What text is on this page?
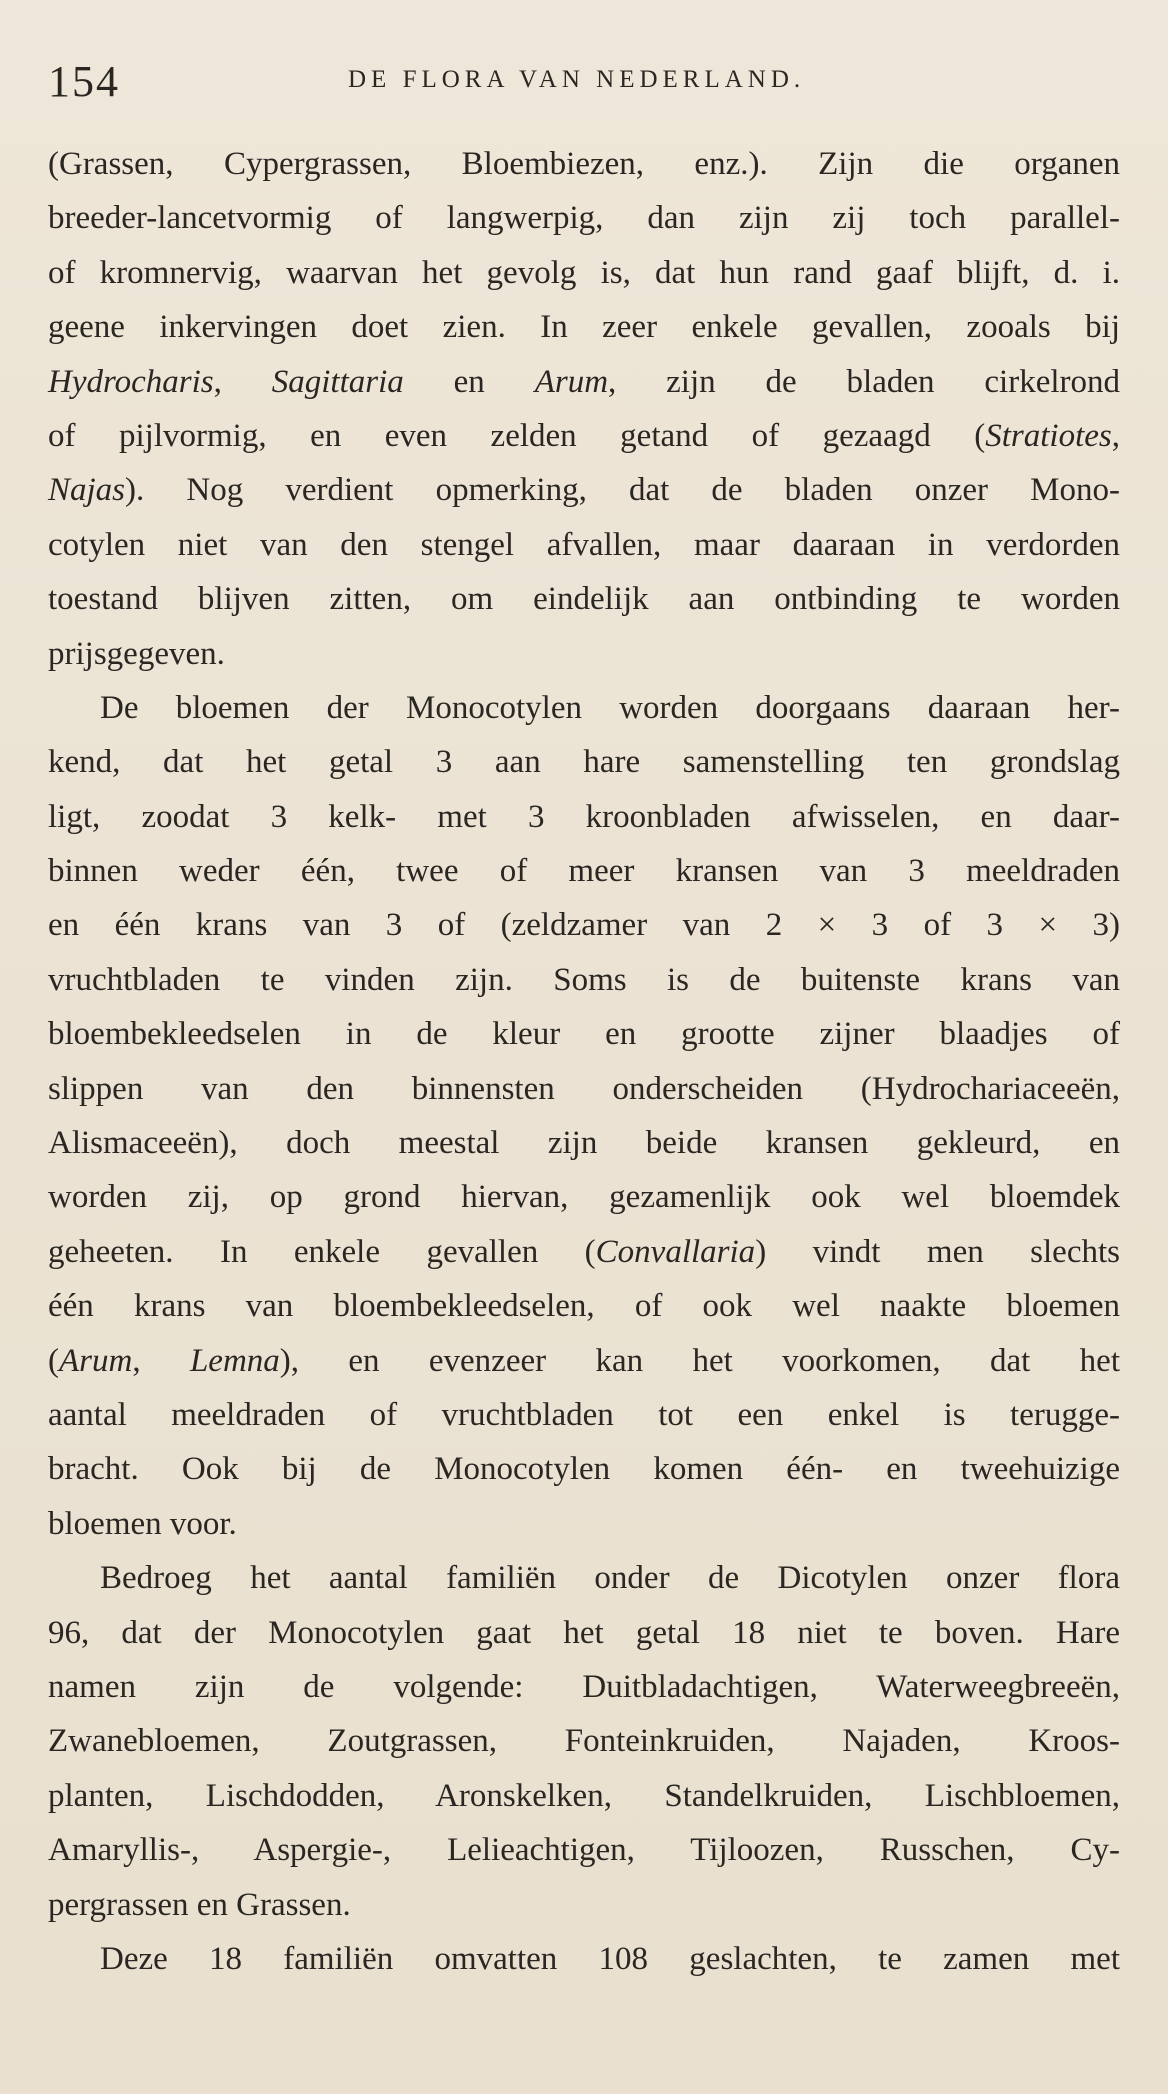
154	DE FLORA VAN NEDERLAND.
(Grassen, Cypergrassen, Bloembiezen, enz.). Zijn die organen
breeder-lancetvormig of langwerpig, dan zijn zij toch parallel-
of kromnervig, waarvan het gevolg is, dat hun rand gaaf blijft, d. i.
geene inkervingen doet zien. In zeer enkele gevallen, zooals bij
Hydrocharis, Sagittaria en Arum, zijn de bladen cirkelrond
of pijlvormig, en even zelden getand of gezaagd (Stratiotes,
Najas). Nog verdient opmerking, dat de bladen onzer Mono-
cotylen niet van den stengel afvallen, maar daaraan in verdorden
toestand blijven zitten, om eindelijk aan ontbinding te worden
prijsgegeven.
De bloemen der Monocotylen worden doorgaans daaraan her-
kend, dat het getal 3 aan hare samenstelling ten grondslag
ligt, zoodat 3 kelk- met 3 kroonbladen afwisselen, en daar-
binnen weder één, twee of meer kransen van 3 meeldraden
en één krans van 3 of (zeldzamer van 2 × 3 of 3 × 3)
vruchtbladen te vinden zijn. Soms is de buitenste krans van
bloembekleedselen in de kleur en grootte zijner blaadjes of
slippen van den binnensten onderscheiden (Hydrochariaceeën,
Alismaceeën), doch meestal zijn beide kransen gekleurd, en
worden zij, op grond hiervan, gezamenlijk ook wel bloemdek
geheeten. In enkele gevallen (Convallaria) vindt men slechts
één krans van bloembekleedselen, of ook wel naakte bloemen
(Arum, Lemna), en evenzeer kan het voorkomen, dat het
aantal meeldraden of vruchtbladen tot een enkel is terugge-
bracht. Ook bij de Monocotylen komen één- en tweehuizige
bloemen voor.
Bedroeg het aantal familiën onder de Dicotylen onzer flora
96, dat der Monocotylen gaat het getal 18 niet te boven. Hare
namen zijn de volgende: Duitbladachtigen, Waterweegbreeën,
Zwanebloemen, Zoutgrassen, Fonteinkruiden, Najaden, Kroos-
planten, Lischdodden, Aronskelken, Standelkruiden, Lischbloemen,
Amaryllis-, Aspergie-, Lelieachtigen, Tijloozen, Russchen, Cy-
pergrassen en Grassen.
Deze 18 familiën omvatten 108 geslachten, te zamen met
